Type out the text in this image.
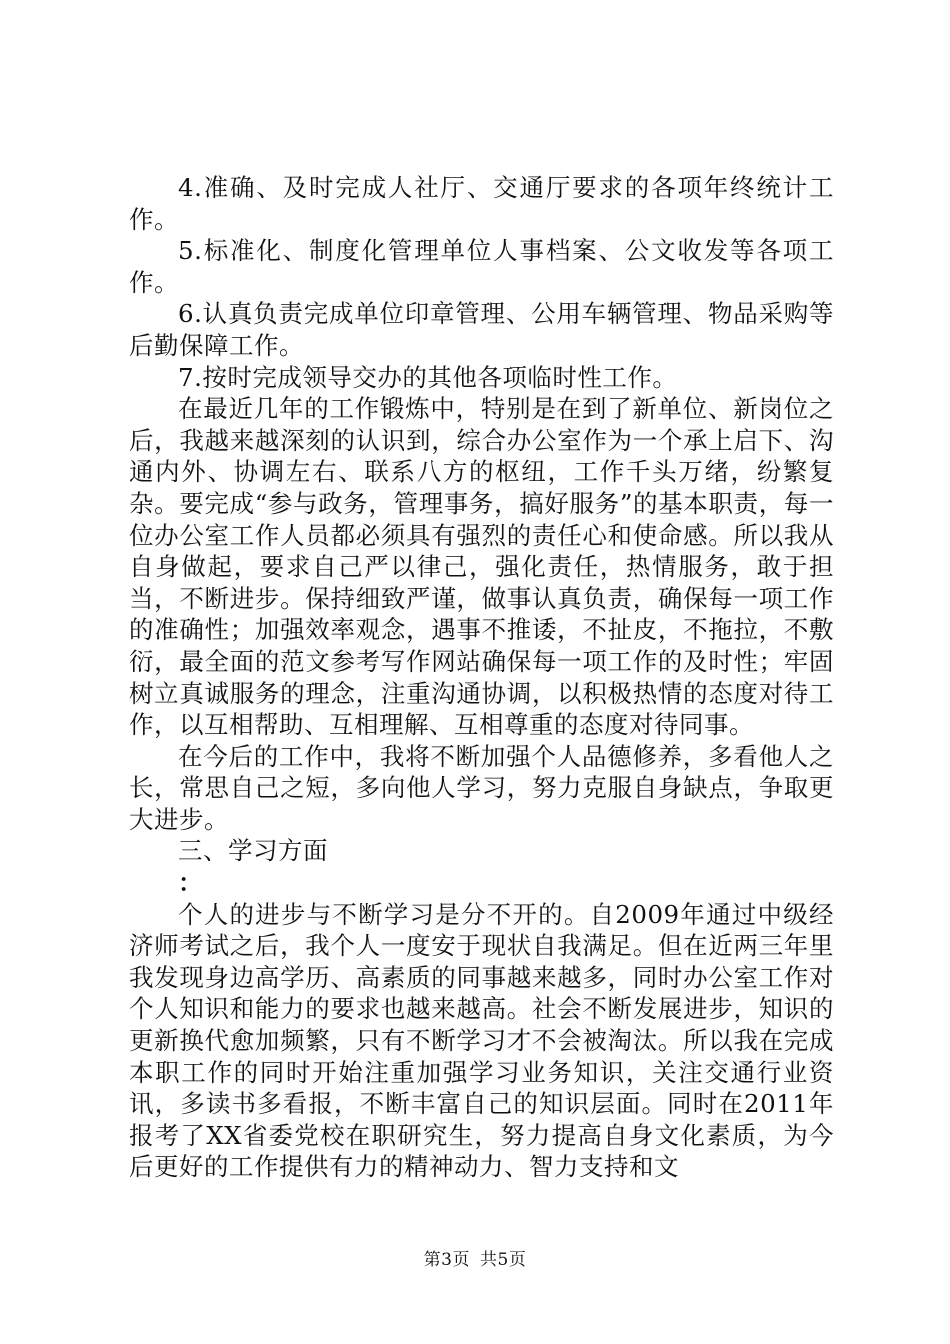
4.准确、及时完成人社厅、交通厅要求的各项年终统计工作。

5.标准化、制度化管理单位人事档案、公文收发等各项工作。

6.认真负责完成单位印章管理、公用车辆管理、物品采购等后勤保障工作。

7.按时完成领导交办的其他各项临时性工作。

在最近几年的工作锻炼中，特别是在到了新单位、新岗位之后，我越来越深刻的认识到，综合办公室作为一个承上启下、沟通内外、协调左右、联系八方的枢纽，工作千头万绪，纷繁复杂。要完成“参与政务，管理事务，搞好服务”的基本职责，每一位办公室工作人员都必须具有强烈的责任心和使命感。所以我从自身做起，要求自己严以律己，强化责任，热情服务，敢于担当，不断进步。保持细致严谨，做事认真负责，确保每一项工作的准确性；加强效率观念，遇事不推诿，不扯皮，不拖拉，不敷衍，最全面的范文参考写作网站确保每一项工作的及时性；牢固树立真诚服务的理念，注重沟通协调，以积极热情的态度对待工作，以互相帮助、互相理解、互相尊重的态度对待同事。

在今后的工作中，我将不断加强个人品德修养，多看他人之长，常思自己之短，多向他人学习，努力克服自身缺点，争取更大进步。

三、学习方面

：

个人的进步与不断学习是分不开的。自2009年通过中级经济师考试之后，我个人一度安于现状自我满足。但在近两三年里我发现身边高学历、高素质的同事越来越多，同时办公室工作对个人知识和能力的要求也越来越高。社会不断发展进步，知识的更新换代愈加频繁，只有不断学习才不会被淘汰。所以我在完成本职工作的同时开始注重加强学习业务知识，关注交通行业资讯，多读书多看报，不断丰富自己的知识层面。同时在2011年报考了XX省委党校在职研究生，努力提高自身文化素质，为今后更好的工作提供有力的精神动力、智力支持和文

第3页 共5页
